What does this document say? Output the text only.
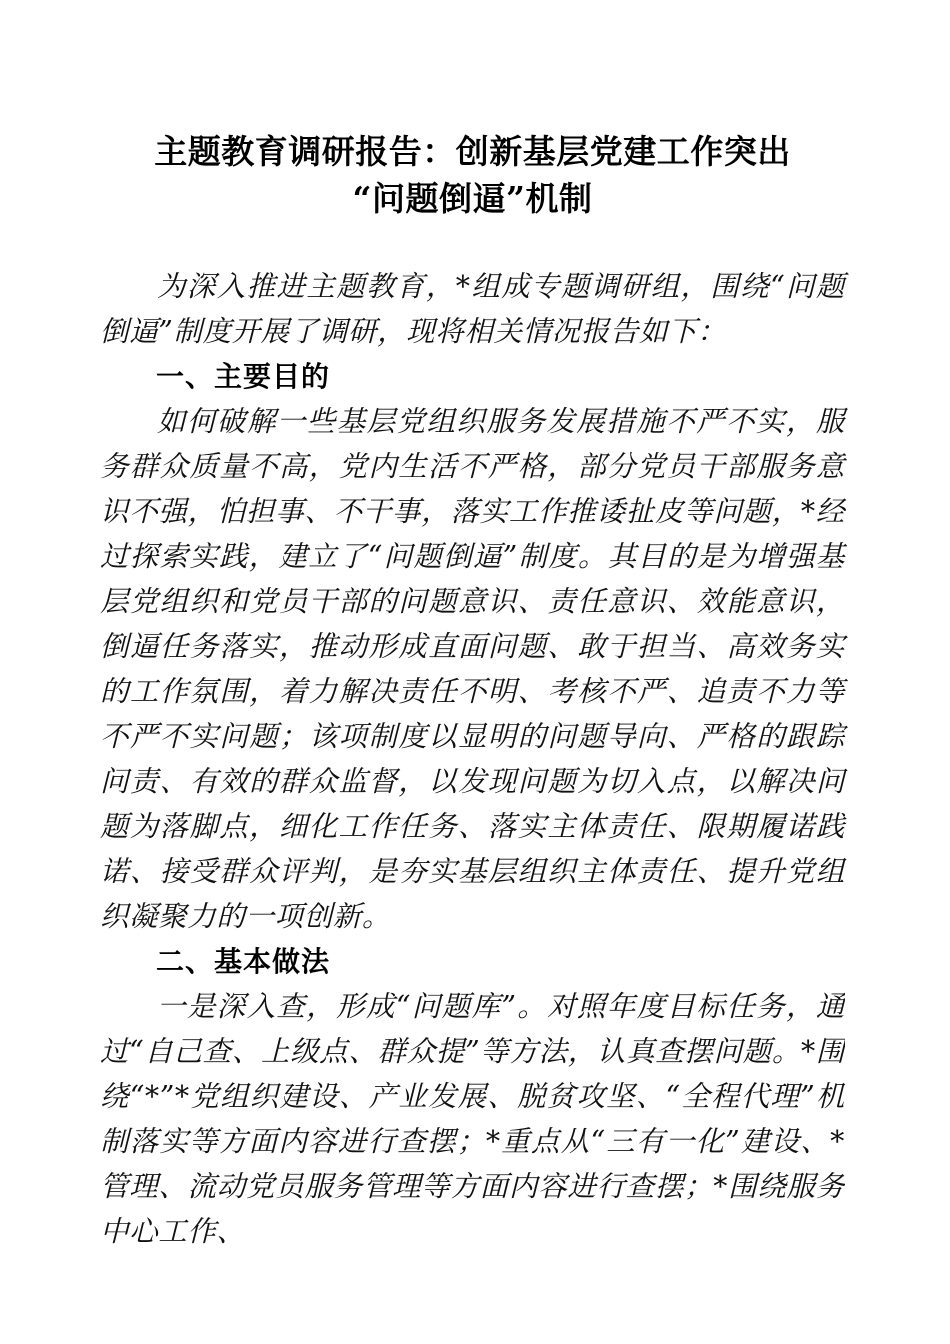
主题教育调研报告：创新基层党建工作突出
“问题倒逼”机制

为深入推进主题教育，*组成专题调研组，围绕“问题倒逼”制度开展了调研，现将相关情况报告如下：

一、主要目的

如何破解一些基层党组织服务发展措施不严不实，服务群众质量不高，党内生活不严格，部分党员干部服务意识不强，怕担事、不干事，落实工作推诿扯皮等问题，*经过探索实践，建立了“问题倒逼”制度。其目的是为增强基层党组织和党员干部的问题意识、责任意识、效能意识，倒逼任务落实，推动形成直面问题、敢于担当、高效务实的工作氛围，着力解决责任不明、考核不严、追责不力等不严不实问题；该项制度以显明的问题导向、严格的跟踪问责、有效的群众监督，以发现问题为切入点，以解决问题为落脚点，细化工作任务、落实主体责任、限期履诺践诺、接受群众评判，是夯实基层组织主体责任、提升党组织凝聚力的一项创新。

二、基本做法

一是深入查，形成“问题库”。对照年度目标任务，通过“自己查、上级点、群众提”等方法，认真查摆问题。*围绕“*”*党组织建设、产业发展、脱贫攻坚、“全程代理”机制落实等方面内容进行查摆；*重点从“三有一化”建设、*管理、流动党员服务管理等方面内容进行查摆；*围绕服务中心工作、
